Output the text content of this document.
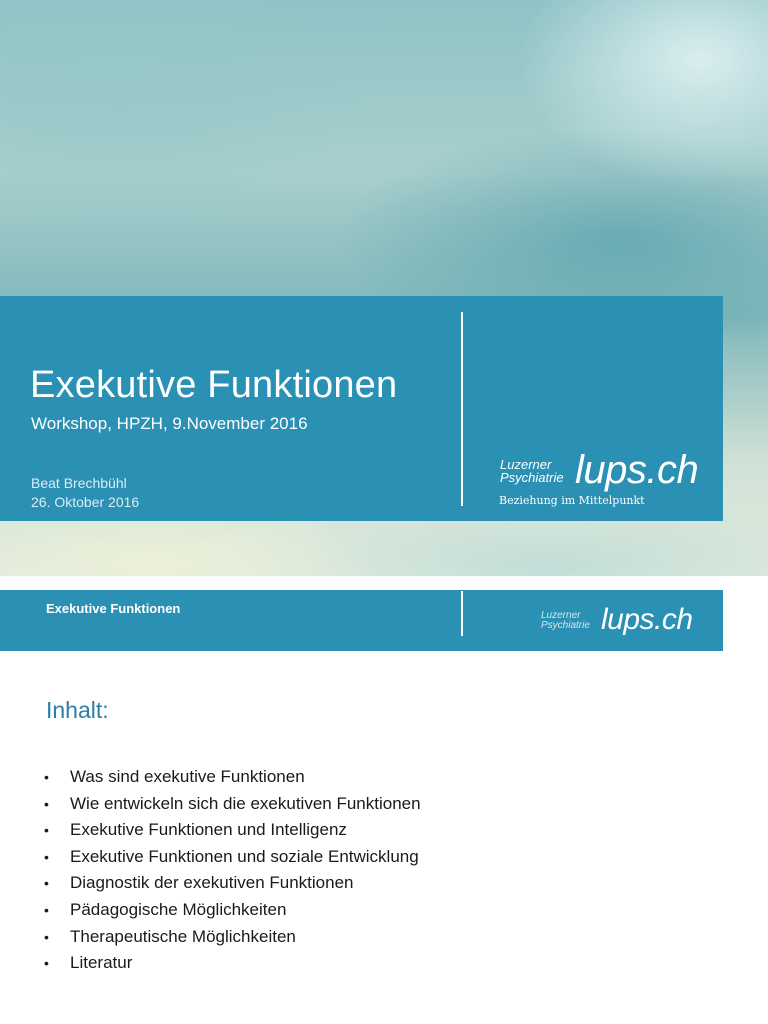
Exekutive Funktionen
Workshop, HPZH, 9.November 2016
Beat Brechbühl
26. Oktober 2016
Luzerner
Psychiatrie lups.ch
Beziehung im Mittelpunkt
Exekutive Funktionen	Luzerner
Psychiatrie lups.ch
Inhalt:
• Was sind exekutive Funktionen
• Wie entwickeln sich die exekutiven Funktionen
• Exekutive Funktionen und Intelligenz
• Exekutive Funktionen und soziale Entwicklung
• Diagnostik der exekutiven Funktionen
• Pädagogische Möglichkeiten
• Therapeutische Möglichkeiten
• Literatur
